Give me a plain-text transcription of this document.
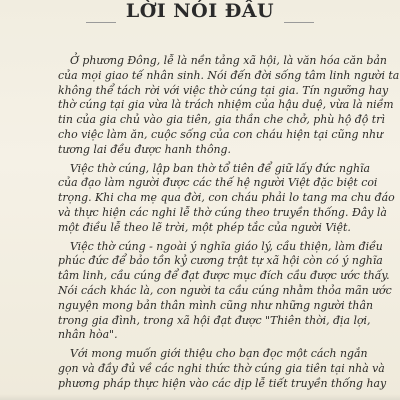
LỜI NÓI ĐẦU

Ở phương Đông, lễ là nền tảng xã hội, là văn hóa căn bản
của mọi giao tế nhân sinh. Nói đến đời sống tâm linh người ta
không thể tách rời với việc thờ cúng tại gia. Tín ngưỡng hay
thờ cúng tại gia vừa là trách nhiệm của hậu duệ, vừa là niềm
tin của gia chủ vào gia tiên, gia thần che chở, phù hộ độ trì
cho việc làm ăn, cuộc sống của con cháu hiện tại cũng như
tương lai đều được hanh thông.

Việc thờ cúng, lập ban thờ tổ tiên để giữ lấy đức nghĩa
của đạo làm người được các thế hệ người Việt đặc biệt coi
trọng. Khi cha mẹ qua đời, con cháu phải lo tang ma chu đáo
và thực hiện các nghi lễ thờ cúng theo truyền thống. Đây là
một điều lễ theo lẽ trời, một phép tắc của người Việt.

Việc thờ cúng - ngoài ý nghĩa giáo lý, cầu thiện, làm điều
phúc đức để bảo tồn kỷ cương trật tự xã hội còn có ý nghĩa
tâm linh, cầu cúng để đạt được mục đích cầu được ước thấy.
Nói cách khác là, con người ta cầu cúng nhằm thỏa mãn ước
nguyện mong bản thân mình cũng như những người thân
trong gia đình, trong xã hội đạt được "Thiên thời, địa lợi,
nhân hòa".

Với mong muốn giới thiệu cho bạn đọc một cách ngắn
gọn và đầy đủ về các nghi thức thờ cúng gia tiên tại nhà và
phương pháp thực hiện vào các dịp lễ tiết truyền thống hay
